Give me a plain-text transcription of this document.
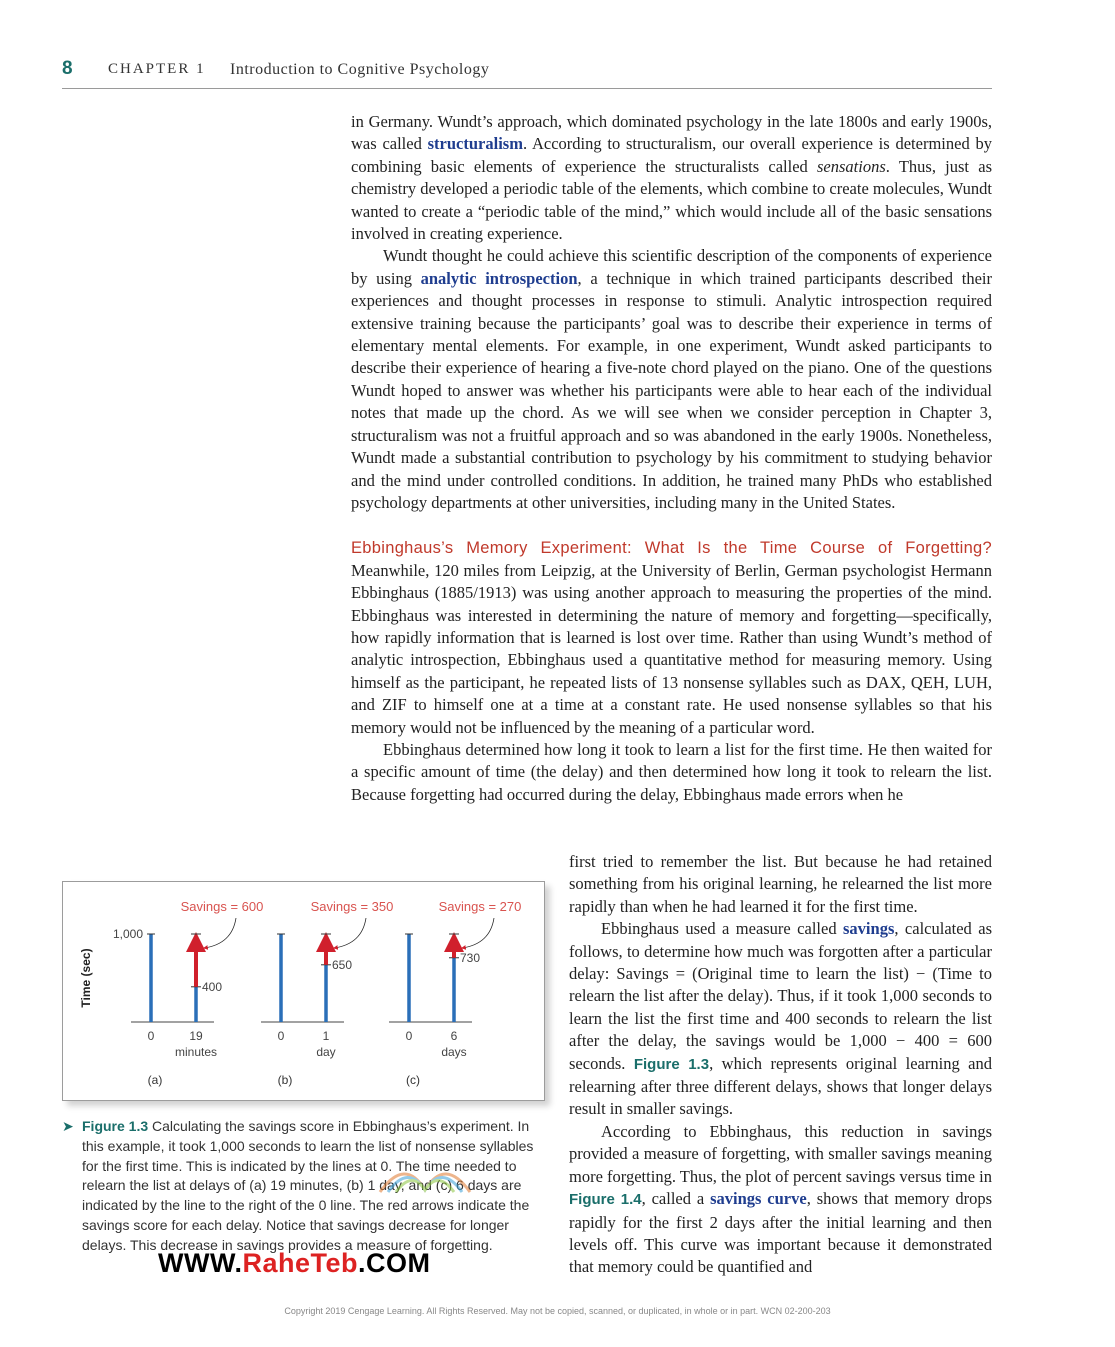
8 CHAPTER 1 Introduction to Cognitive Psychology

in Germany. Wundt’s approach, which dominated psychology in the late 1800s and early 1900s, was called structuralism. According to structuralism, our overall experience is determined by combining basic elements of experience the structuralists called sensations. Thus, just as chemistry developed a periodic table of the elements, which combine to create molecules, Wundt wanted to create a “periodic table of the mind,” which would include all of the basic sensations involved in creating experience.

Wundt thought he could achieve this scientific description of the components of experience by using analytic introspection, a technique in which trained participants described their experiences and thought processes in response to stimuli. Analytic introspection required extensive training because the participants’ goal was to describe their experience in terms of elementary mental elements. For example, in one experiment, Wundt asked participants to describe their experience of hearing a five-note chord played on the piano. One of the questions Wundt hoped to answer was whether his participants were able to hear each of the individual notes that made up the chord. As we will see when we consider perception in Chapter 3, structuralism was not a fruitful approach and so was abandoned in the early 1900s. Nonetheless, Wundt made a substantial contribution to psychology by his commitment to studying behavior and the mind under controlled conditions. In addition, he trained many PhDs who established psychology departments at other universities, including many in the United States.

Ebbinghaus’s Memory Experiment: What Is the Time Course of Forgetting? Meanwhile, 120 miles from Leipzig, at the University of Berlin, German psychologist Hermann Ebbinghaus (1885/1913) was using another approach to measuring the properties of the mind. Ebbinghaus was interested in determining the nature of memory and forgetting—specifically, how rapidly information that is learned is lost over time. Rather than using Wundt’s method of analytic introspection, Ebbinghaus used a quantitative method for measuring memory. Using himself as the participant, he repeated lists of 13 nonsense syllables such as DAX, QEH, LUH, and ZIF to himself one at a time at a constant rate. He used nonsense syllables so that his memory would not be influenced by the meaning of a particular word.

Ebbinghaus determined how long it took to learn a list for the first time. He then waited for a specific amount of time (the delay) and then determined how long it took to relearn the list. Because forgetting had occurred during the delay, Ebbinghaus made errors when he

first tried to remember the list. But because he had retained something from his original learning, he relearned the list more rapidly than when he had learned it for the first time.

Ebbinghaus used a measure called savings, calculated as follows, to determine how much was forgotten after a particular delay: Savings = (Original time to learn the list) − (Time to relearn the list after the delay). Thus, if it took 1,000 seconds to learn the list the first time and 400 seconds to relearn the list after the delay, the savings would be 1,000 − 400 = 600 seconds. Figure 1.3, which represents original learning and relearning after three different delays, shows that longer delays result in smaller savings.

According to Ebbinghaus, this reduction in savings provided a measure of forgetting, with smaller savings meaning more forgetting. Thus, the plot of percent savings versus time in Figure 1.4, called a savings curve, shows that memory drops rapidly for the first 2 days after the initial learning and then levels off. This curve was important because it demonstrated that memory could be quantified and

Time (sec)	400
Savings = 600
0	19
minutes
(a)
650
Savings = 350
0	1
day
(b)
730
Savings = 270
0	6
days
(c)
1,000
➤ Figure 1.3 Calculating the savings score in Ebbinghaus’s experiment. In this example, it took 1,000 seconds to learn the list of nonsense syllables for the first time. This is indicated by the lines at 0. The time needed to relearn the list at delays of (a) 19 minutes, (b) 1 day, and (c) 6 days are indicated by the line to the right of the 0 line. The red arrows indicate the savings score for each delay. Notice that savings decrease for longer delays. This decrease in savings provides a measure of forgetting.
WWW.RaheTeb.COM
Copyright 2019 Cengage Learning. All Rights Reserved. May not be copied, scanned, or duplicated, in whole or in part. WCN 02-200-203
